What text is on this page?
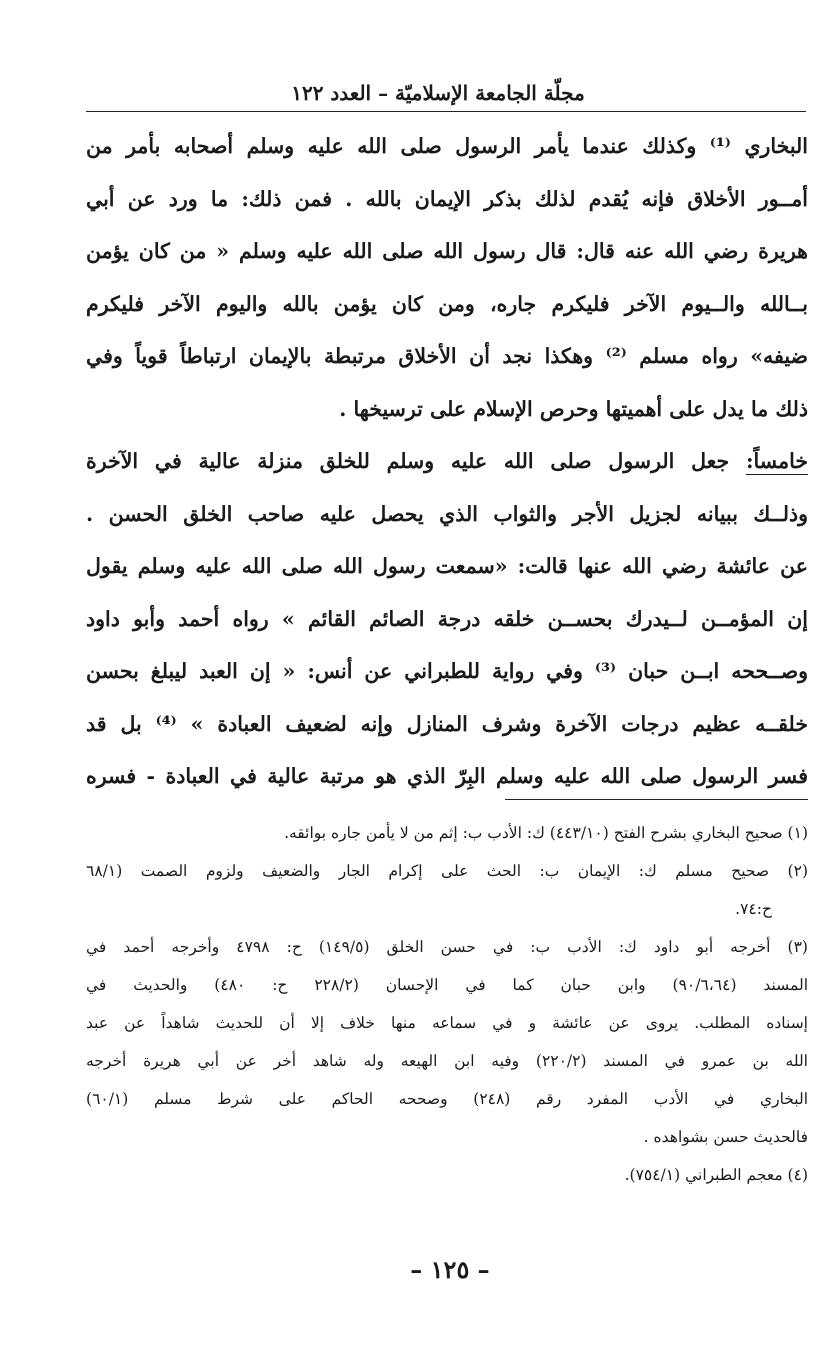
مجلّة الجامعة الإسلاميّة – العدد ١٢٢
البخاري ⁽¹⁾ وكذلك عندما يأمر الرسول صلى الله عليه وسلم أصحابه بأمر من
أمــور الأخلاق فإنه يُقدم لذلك بذكر الإيمان بالله . فمن ذلك: ما ورد عن أبي
هريرة رضي الله عنه قال: قال رسول الله صلى الله عليه وسلم « من كان يؤمن
بــالله والــيوم الآخر فليكرم جاره، ومن كان يؤمن بالله واليوم الآخر فليكرم
ضيفه» رواه مسلم ⁽²⁾ وهكذا نجد أن الأخلاق مرتبطة بالإيمان ارتباطاً قوياً وفي
ذلك ما يدل على أهميتها وحرص الإسلام على ترسيخها .
خامساً: جعل الرسول صلى الله عليه وسلم للخلق منزلة عالية في الآخرة
وذلــك ببيانه لجزيل الأجر والثواب الذي يحصل عليه صاحب الخلق الحسن .
عن عائشة رضي الله عنها قالت: «سمعت رسول الله صلى الله عليه وسلم يقول
إن المؤمــن لــيدرك بحســن خلقه درجة الصائم القائم » رواه أحمد وأبو داود
وصــححه ابــن حبان ⁽³⁾ وفي رواية للطبراني عن أنس: « إن العبد ليبلغ بحسن
خلقــه عظيم درجات الآخرة وشرف المنازل وإنه لضعيف العبادة » ⁽⁴⁾ بل قد
فسر الرسول صلى الله عليه وسلم البِرّ الذي هو مرتبة عالية في العبادة - فسره
(١) صحيح البخاري بشرح الفتح (٤٤٣/١٠) ك: الأدب ب: إثم من لا يأمن جاره بوائقه.
(٢) صحيح مسلم ك: الإيمان ب: الحث على إكرام الجار والضعيف ولزوم الصمت (٦٨/١
ح:٧٤.
(٣) أخرجه أبو داود ك: الأدب ب: في حسن الخلق (١٤٩/٥) ح: ٤٧٩٨ وأخرجه أحمد في
المسند (٩٠/٦،٦٤) وابن حبان كما في الإحسان (٢٢٨/٢ ح: ٤٨٠) والحديث في
إسناده المطلب. يروى عن عائشة و في سماعه منها خلاف إلا أن للحديث شاهداً عن عبد
الله بن عمرو في المسند (٢٢٠/٢) وفيه ابن الهيعه وله شاهد أخر عن أبي هريرة أخرجه
البخاري في الأدب المفرد رقم (٢٤٨) وصححه الحاكم على شرط مسلم (٦٠/١)
فالحديث حسن بشواهده .
(٤) معجم الطبراني (٧٥٤/١).
– ١٢٥ –
